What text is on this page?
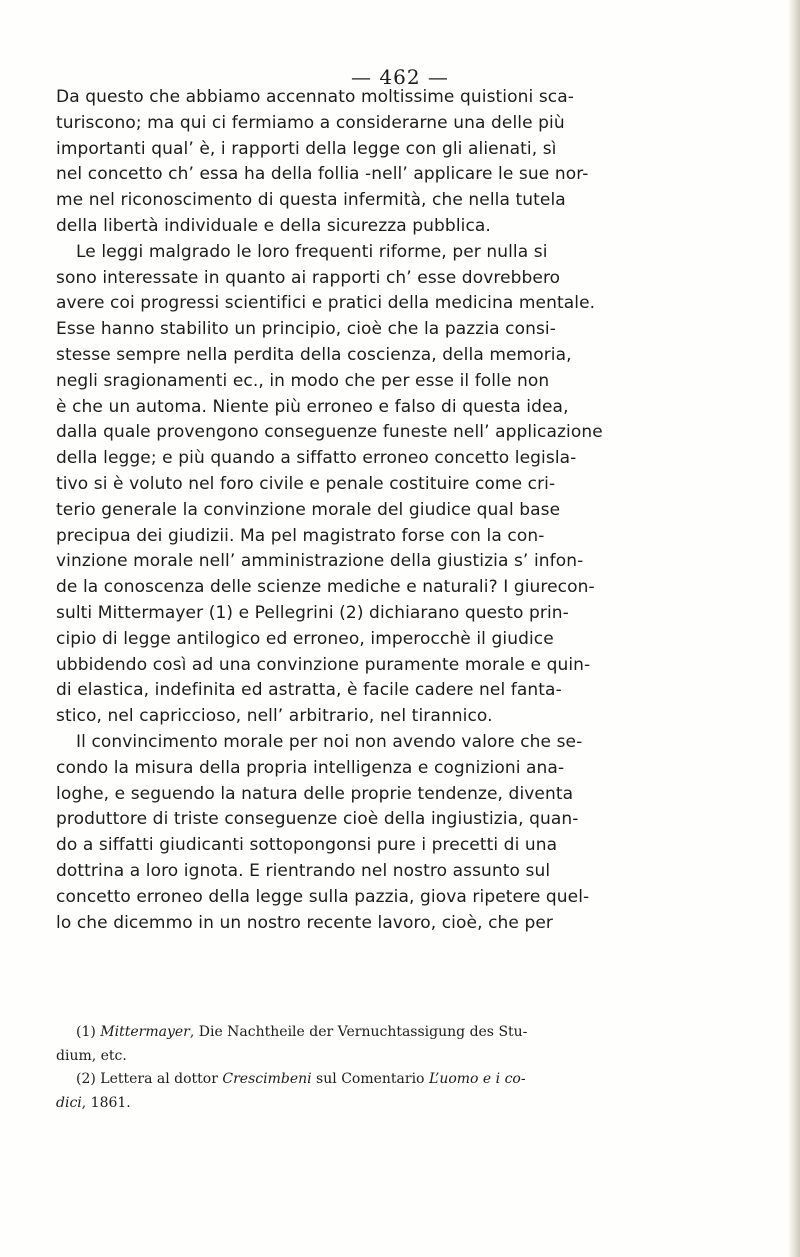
— 462 —
Da questo che abbiamo accennato moltissime quistioni sca-
turiscono; ma qui ci fermiamo a considerarne una delle più
importanti qual’ è, i rapporti della legge con gli alienati, sì
nel concetto ch’ essa ha della follia -nell’ applicare le sue nor-
me nel riconoscimento di questa infermità, che nella tutela
della libertà individuale e della sicurezza pubblica.
Le leggi malgrado le loro frequenti riforme, per nulla si
sono interessate in quanto ai rapporti ch’ esse dovrebbero
avere coi progressi scientifici e pratici della medicina mentale.
Esse hanno stabilito un principio, cioè che la pazzia consi-
stesse sempre nella perdita della coscienza, della memoria,
negli sragionamenti ec., in modo che per esse il folle non
è che un automa. Niente più erroneo e falso di questa idea,
dalla quale provengono conseguenze funeste nell’ applicazione
della legge; e più quando a siffatto erroneo concetto legisla-
tivo si è voluto nel foro civile e penale costituire come cri-
terio generale la convinzione morale del giudice qual base
precipua dei giudizii. Ma pel magistrato forse con la con-
vinzione morale nell’ amministrazione della giustizia s’ infon-
de la conoscenza delle scienze mediche e naturali? I giurecon-
sulti Mittermayer (1) e Pellegrini (2) dichiarano questo prin-
cipio di legge antilogico ed erroneo, imperocchè il giudice
ubbidendo così ad una convinzione puramente morale e quin-
di elastica, indefinita ed astratta, è facile cadere nel fanta-
stico, nel capriccioso, nell’ arbitrario, nel tirannico.
Il convincimento morale per noi non avendo valore che se-
condo la misura della propria intelligenza e cognizioni ana-
loghe, e seguendo la natura delle proprie tendenze, diventa
produttore di triste conseguenze cioè della ingiustizia, quan-
do a siffatti giudicanti sottopongonsi pure i precetti di una
dottrina a loro ignota. E rientrando nel nostro assunto sul
concetto erroneo della legge sulla pazzia, giova ripetere quel-
lo che dicemmo in un nostro recente lavoro, cioè, che per
(1) Mittermayer, Die Nachtheile der Vernuchtassigung des Stu-
dium, etc.
(2) Lettera al dottor Crescimbeni sul Comentario L’uomo e i co-
dici, 1861.
